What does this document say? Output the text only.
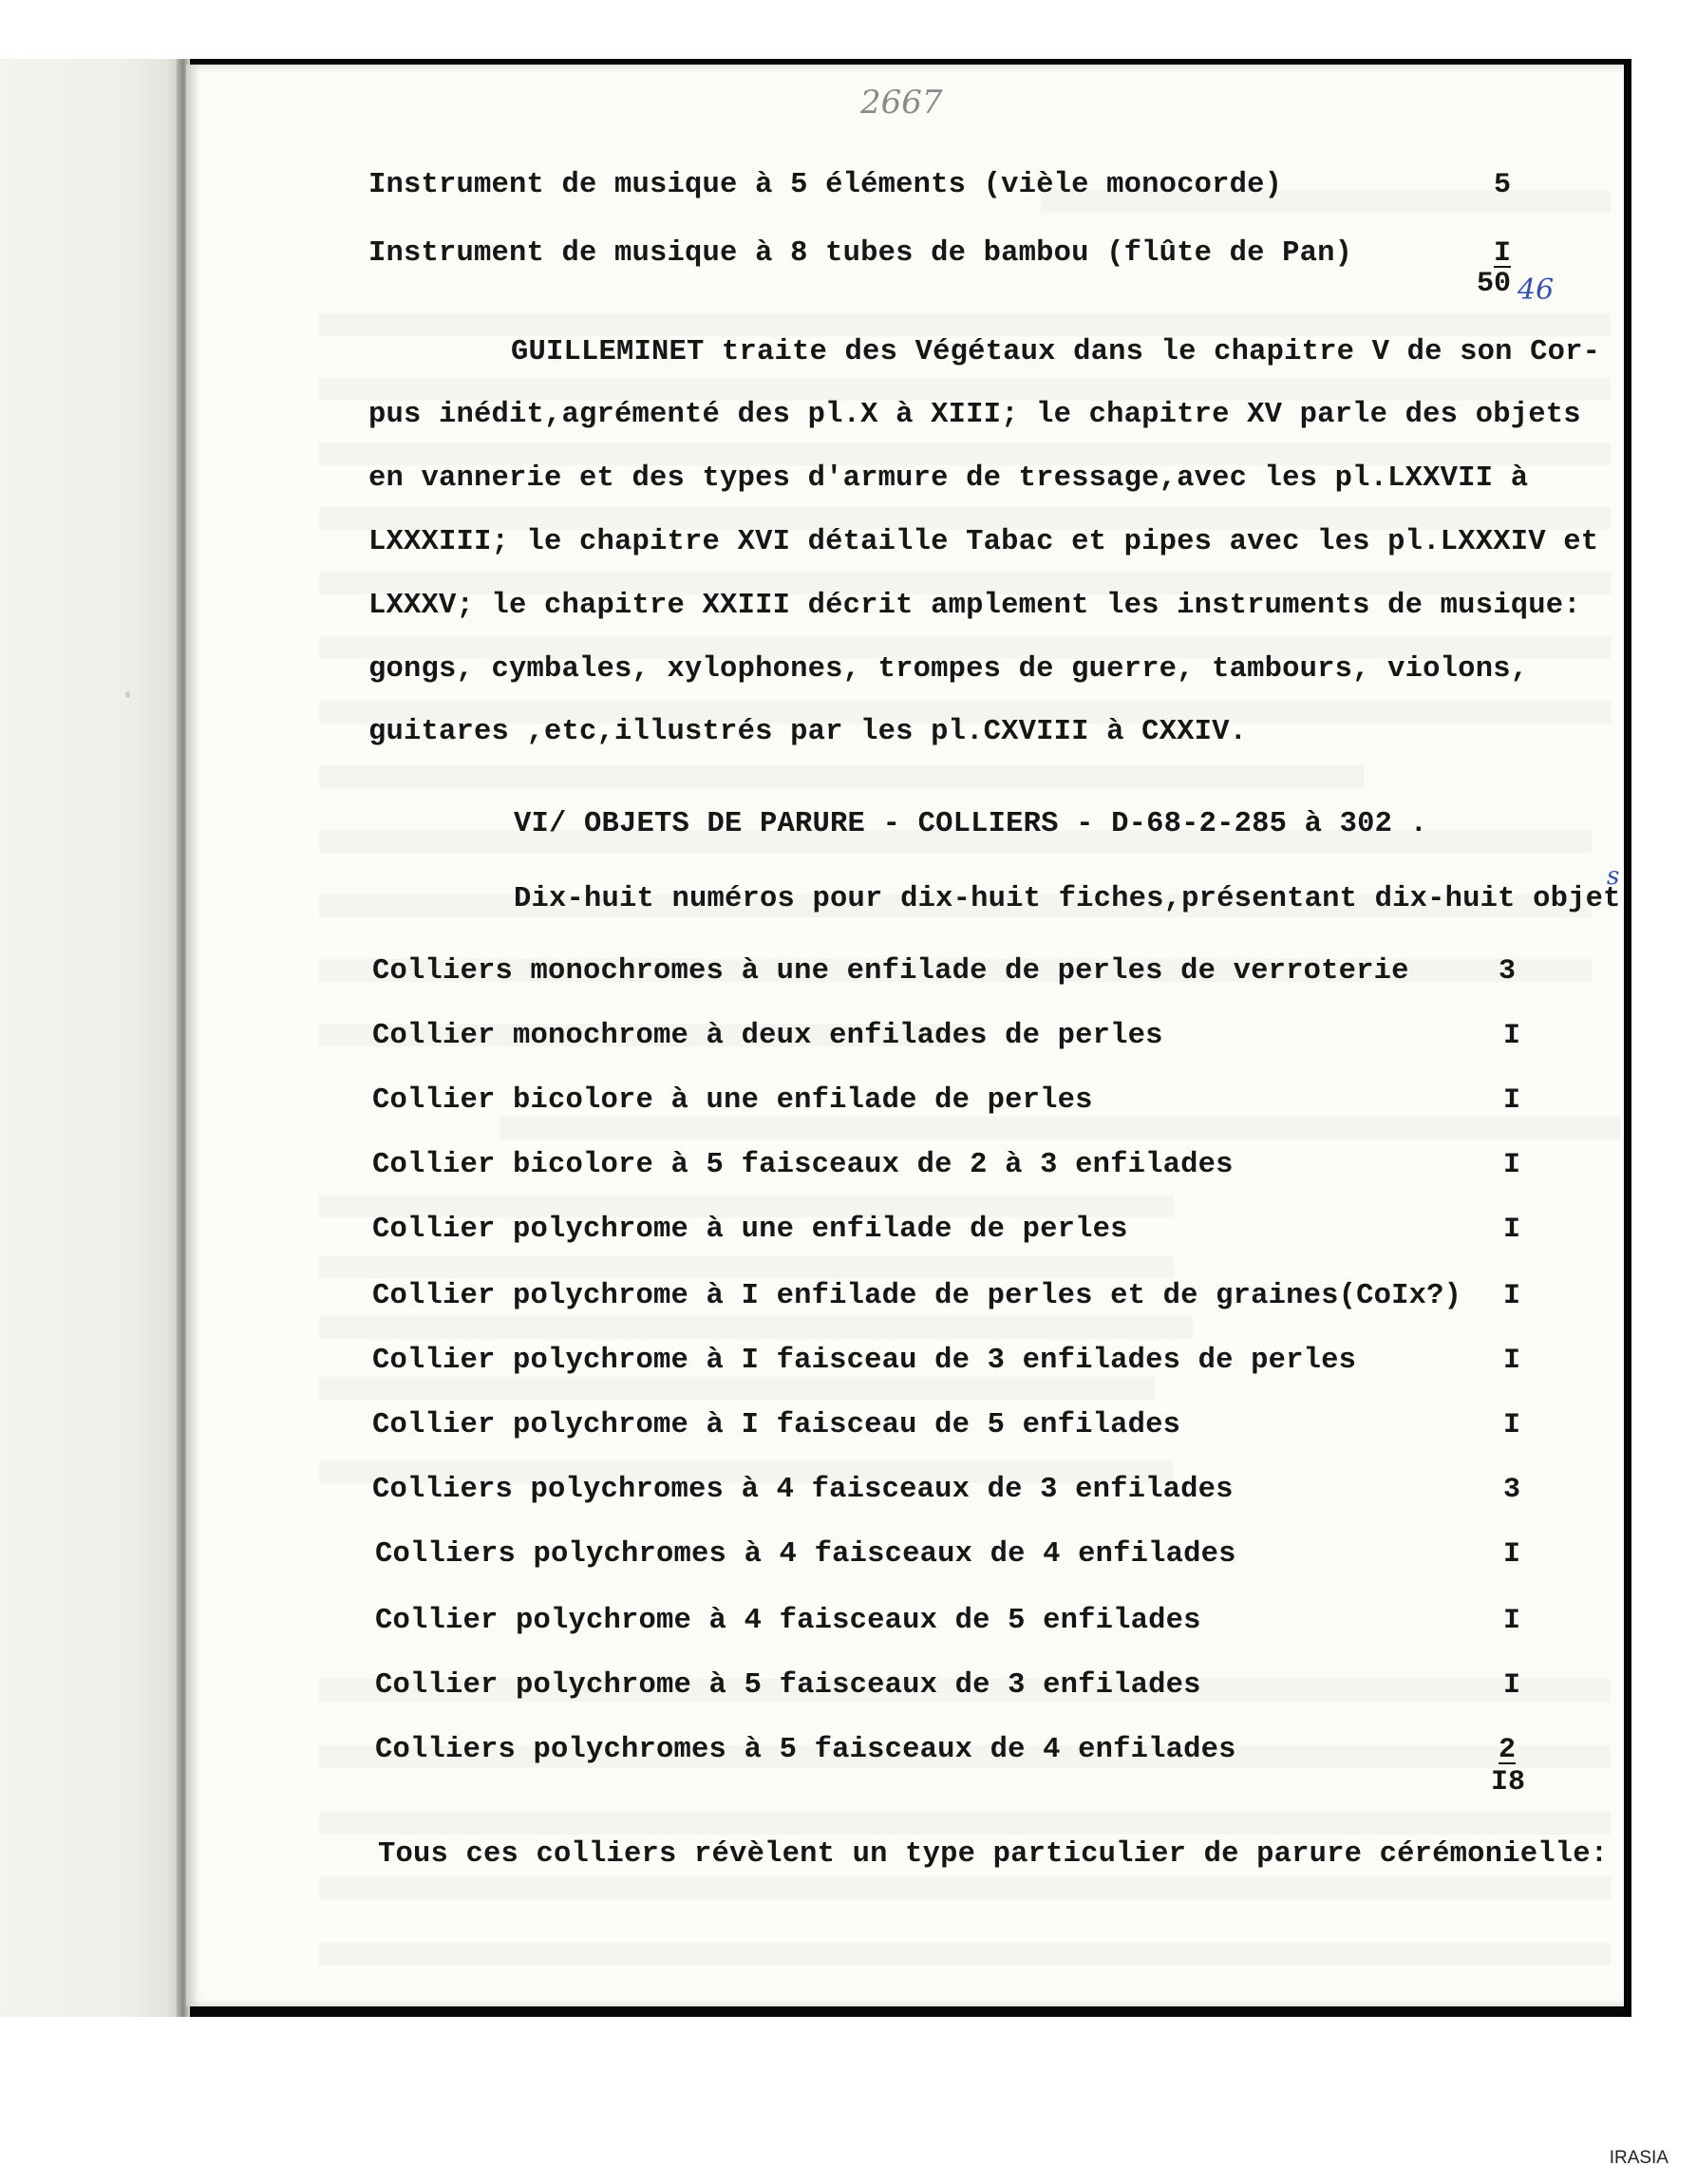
2667
Instrument de musique à 5 éléments (vièle monocorde)	5
Instrument de musique à 8 tubes de bambou (flûte de Pan)	I
50 46
GUILLEMINET traite des Végétaux dans le chapitre V de son Cor-
pus inédit,agrémenté des pl.X à XIII; le chapitre XV parle des objets
en vannerie et des types d'armure de tressage,avec les pl.LXXVII à
LXXXIII; le chapitre XVI détaille Tabac et pipes avec les pl.LXXXIV et
LXXXV; le chapitre XXIII décrit amplement les instruments de musique:
gongs, cymbales, xylophones, trompes de guerre, tambours, violons,
guitares ,etc,illustrés par les pl.CXVIII à CXXIV.
VI/ OBJETS DE PARURE - COLLIERS - D-68-2-285 à 302 .
Dix-huit numéros pour dix-huit fiches,présentant dix-huit objet
s
Colliers monochromes à une enfilade de perles de verroterie	3
Collier monochrome à deux enfilades de perles	I
Collier bicolore à une enfilade de perles	I
Collier bicolore à 5 faisceaux de 2 à 3 enfilades	I
Collier polychrome à une enfilade de perles	I
Collier polychrome à I enfilade de perles et de graines(CoIx?) I
Collier polychrome à I faisceau de 3 enfilades de perles	I
Collier polychrome à I faisceau de 5 enfilades	I
Colliers polychromes à 4 faisceaux de 3 enfilades	3
Colliers polychromes à 4 faisceaux de 4 enfilades	I
Collier polychrome à 4 faisceaux de 5 enfilades	I
Collier polychrome à 5 faisceaux de 3 enfilades	I
Colliers polychromes à 5 faisceaux de 4 enfilades	2
I8
Tous ces colliers révèlent un type particulier de parure cérémonielle:
IRASIA
